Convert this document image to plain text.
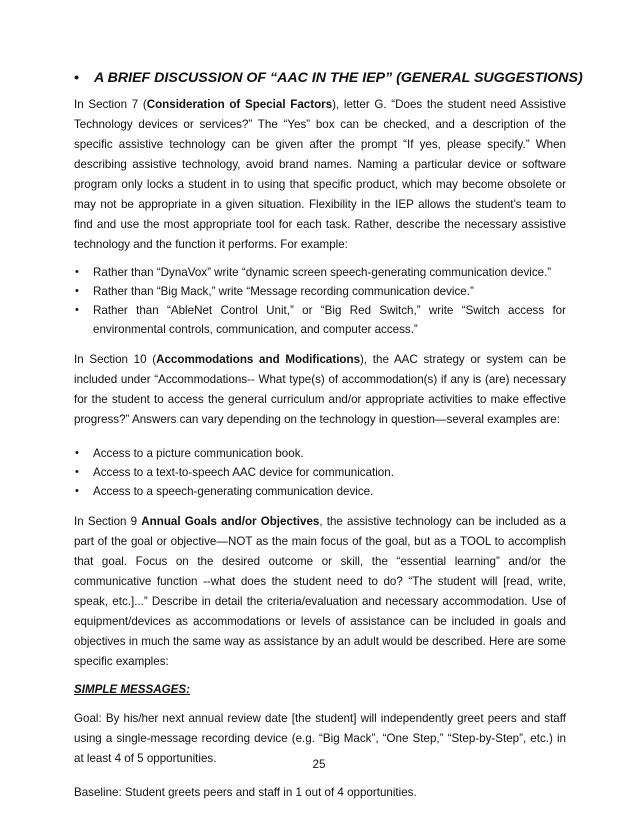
• A BRIEF DISCUSSION OF “AAC IN THE IEP” (GENERAL SUGGESTIONS)

In Section 7 (Consideration of Special Factors), letter G. “Does the student need Assistive Technology devices or services?” The “Yes” box can be checked, and a description of the specific assistive technology can be given after the prompt “If yes, please specify.” When describing assistive technology, avoid brand names. Naming a particular device or software program only locks a student in to using that specific product, which may become obsolete or may not be appropriate in a given situation. Flexibility in the IEP allows the student’s team to find and use the most appropriate tool for each task. Rather, describe the necessary assistive technology and the function it performs. For example:

• Rather than “DynaVox” write “dynamic screen speech-generating communication device.”
• Rather than “Big Mack,” write “Message recording communication device.”
• Rather than “AbleNet Control Unit,” or “Big Red Switch,” write “Switch access for environmental controls, communication, and computer access.”

In Section 10 (Accommodations and Modifications), the AAC strategy or system can be included under “Accommodations-- What type(s) of accommodation(s) if any is (are) necessary for the student to access the general curriculum and/or appropriate activities to make effective progress?” Answers can vary depending on the technology in question—several examples are:

• Access to a picture communication book.
• Access to a text-to-speech AAC device for communication.
• Access to a speech-generating communication device.

In Section 9 Annual Goals and/or Objectives, the assistive technology can be included as a part of the goal or objective—NOT as the main focus of the goal, but as a TOOL to accomplish that goal. Focus on the desired outcome or skill, the “essential learning” and/or the communicative function --what does the student need to do? “The student will [read, write, speak, etc.]...” Describe in detail the criteria/evaluation and necessary accommodation. Use of equipment/devices as accommodations or levels of assistance can be included in goals and objectives in much the same way as assistance by an adult would be described. Here are some specific examples:

SIMPLE MESSAGES:

Goal: By his/her next annual review date [the student] will independently greet peers and staff using a single-message recording device (e.g. “Big Mack”, “One Step,” “Step-by-Step”, etc.) in at least 4 of 5 opportunities.

Baseline: Student greets peers and staff in 1 out of 4 opportunities.

25
